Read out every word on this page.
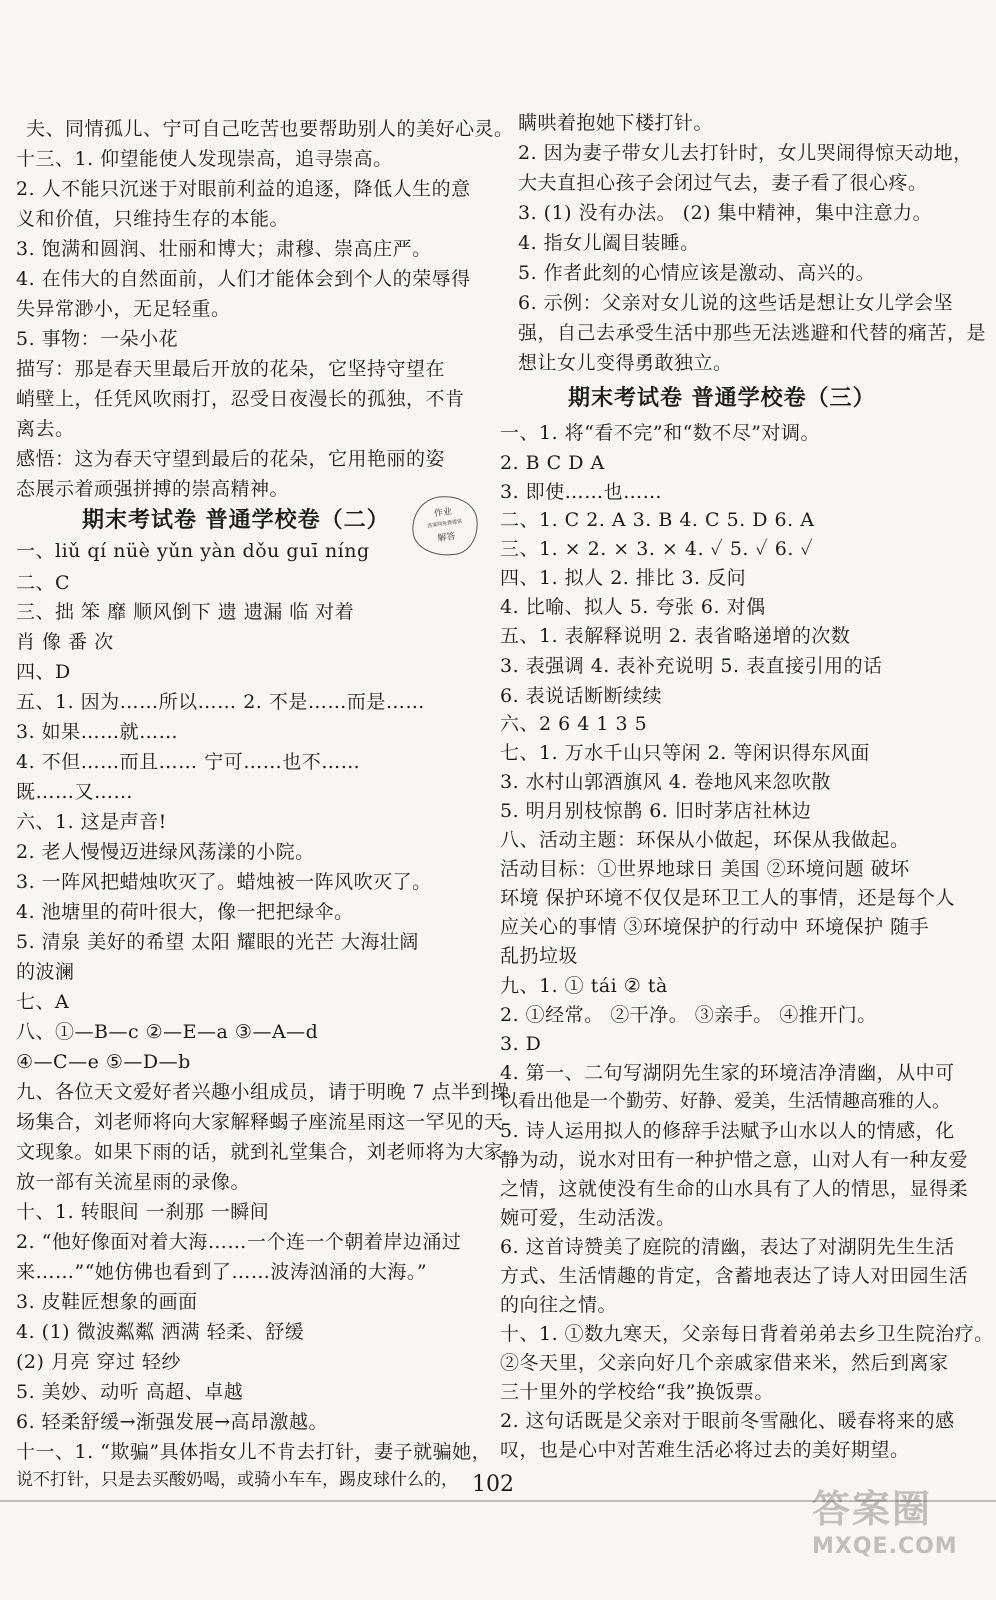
夫、同情孤儿、宁可自己吃苦也要帮助别人的美好心灵。
十三、1. 仰望能使人发现崇高，追寻崇高。
2. 人不能只沉迷于对眼前利益的追逐，降低人生的意
义和价值，只维持生存的本能。
3. 饱满和圆润、壮丽和博大；肃穆、崇高庄严。
4. 在伟大的自然面前，人们才能体会到个人的荣辱得
失异常渺小，无足轻重。
5. 事物：一朵小花
描写：那是春天里最后开放的花朵，它坚持守望在
峭壁上，任凭风吹雨打，忍受日夜漫长的孤独，不肯
离去。
感悟：这为春天守望到最后的花朵，它用艳丽的姿
态展示着顽强拼搏的崇高精神。
期末考试卷 普通学校卷（二）	作业
答案网免费提供
解答
一、liǔ qí nüè yǔn yàn dǒu guī níng
二、C
三、拙 笨 靡 顺风倒下 遗 遗漏 临 对着
肖 像 番 次
四、D
五、1. 因为……所以…… 2. 不是……而是……
3. 如果……就……
4. 不但……而且…… 宁可……也不……
既……又……
六、1. 这是声音!
2. 老人慢慢迈进绿风荡漾的小院。
3. 一阵风把蜡烛吹灭了。蜡烛被一阵风吹灭了。
4. 池塘里的荷叶很大，像一把把绿伞。
5. 清泉 美好的希望 太阳 耀眼的光芒 大海壮阔
的波澜
七、A
八、①—B—c ②—E—a ③—A—d
④—C—e ⑤—D—b
九、各位天文爱好者兴趣小组成员，请于明晚 7 点半到操
场集合，刘老师将向大家解释蝎子座流星雨这一罕见的天
文现象。如果下雨的话，就到礼堂集合，刘老师将为大家
放一部有关流星雨的录像。
十、1. 转眼间 一刹那 一瞬间
2. “他好像面对着大海……一个连一个朝着岸边涌过
来……”“她仿佛也看到了……波涛汹涌的大海。”
3. 皮鞋匠想象的画面
4. (1) 微波粼粼 洒满 轻柔、舒缓
(2) 月亮 穿过 轻纱
5. 美妙、动听 高超、卓越
6. 轻柔舒缓→渐强发展→高昂激越。
十一、1. “欺骗”具体指女儿不肯去打针，妻子就骗她，
说不打针，只是去买酸奶喝，或骑小车车，踢皮球什么的，
瞒哄着抱她下楼打针。
2. 因为妻子带女儿去打针时，女儿哭闹得惊天动地，
大夫直担心孩子会闭过气去，妻子看了很心疼。
3. (1) 没有办法。 (2) 集中精神，集中注意力。
4. 指女儿阖目装睡。
5. 作者此刻的心情应该是激动、高兴的。
6. 示例：父亲对女儿说的这些话是想让女儿学会坚
强，自己去承受生活中那些无法逃避和代替的痛苦，是
想让女儿变得勇敢独立。
期末考试卷 普通学校卷（三）
一、1. 将“看不完”和“数不尽”对调。
2. B C D A
3. 即使……也……
二、1. C 2. A 3. B 4. C 5. D 6. A
三、1. × 2. × 3. × 4. ✓ 5. ✓ 6. ✓
四、1. 拟人 2. 排比 3. 反问
4. 比喻、拟人 5. 夸张 6. 对偶
五、1. 表解释说明 2. 表省略递增的次数
3. 表强调 4. 表补充说明 5. 表直接引用的话
6. 表说话断断续续
六、2 6 4 1 3 5
七、1. 万水千山只等闲 2. 等闲识得东风面
3. 水村山郭酒旗风 4. 卷地风来忽吹散
5. 明月别枝惊鹊 6. 旧时茅店社林边
八、活动主题：环保从小做起，环保从我做起。
活动目标：①世界地球日 美国 ②环境问题 破坏
环境 保护环境不仅仅是环卫工人的事情，还是每个人
应关心的事情 ③环境保护的行动中 环境保护 随手
乱扔垃圾
九、1. ① tái ② tà
2. ①经常。 ②干净。 ③亲手。 ④推开门。
3. D
4. 第一、二句写湖阴先生家的环境洁净清幽，从中可
以看出他是一个勤劳、好静、爱美，生活情趣高雅的人。
5. 诗人运用拟人的修辞手法赋予山水以人的情感，化
静为动，说水对田有一种护惜之意，山对人有一种友爱
之情，这就使没有生命的山水具有了人的情思，显得柔
婉可爱，生动活泼。
6. 这首诗赞美了庭院的清幽，表达了对湖阴先生生活
方式、生活情趣的肯定，含蓄地表达了诗人对田园生活
的向往之情。
十、1. ①数九寒天，父亲每日背着弟弟去乡卫生院治疗。
②冬天里，父亲向好几个亲戚家借来米，然后到离家
三十里外的学校给“我”换饭票。
2. 这句话既是父亲对于眼前冬雪融化、暖春将来的感
叹，也是心中对苦难生活必将过去的美好期望。
102
答案圈
MXQE.COM
